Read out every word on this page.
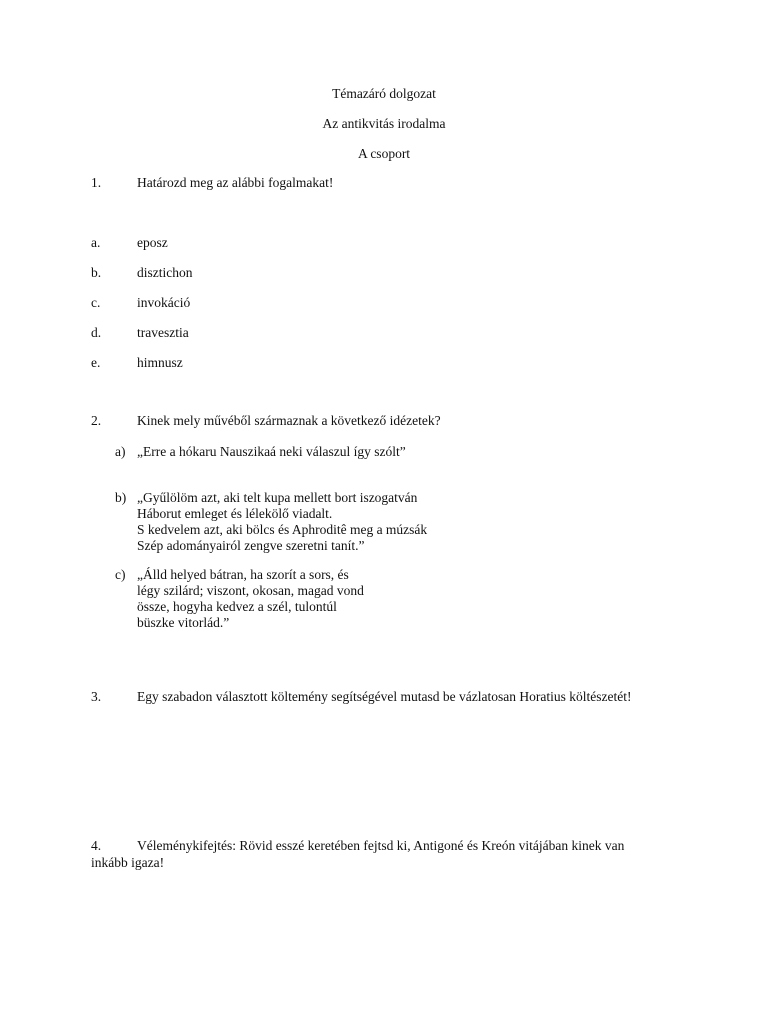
Témazáró dolgozat
Az antikvitás irodalma
A csoport
1.	Határozd meg az alábbi fogalmakat!
a.	eposz
b.	disztichon
c.	invokáció
d.	travesztia
e.	himnusz
2.	Kinek mely művéből származnak a következő idézetek?
a) „Erre a hókaru Nauszikaá neki válaszul így szólt”
b) „Gyűlölöm azt, aki telt kupa mellett bort iszogatván
Háborut emleget és lélekölő viadalt.
S kedvelem azt, aki bölcs és Aphroditê meg a múzsák
Szép adományairól zengve szeretni tanít.”
c) „Álld helyed bátran, ha szorít a sors, és
légy szilárd; viszont, okosan, magad vond
össze, hogyha kedvez a szél, tulontúl
büszke vitorlád.”
3.	Egy szabadon választott költemény segítségével mutasd be vázlatosan Horatius költészetét!
4.	Véleménykifejtés: Rövid esszé keretében fejtsd ki, Antigoné és Kreón vitájában kinek van
inkább igaza!
